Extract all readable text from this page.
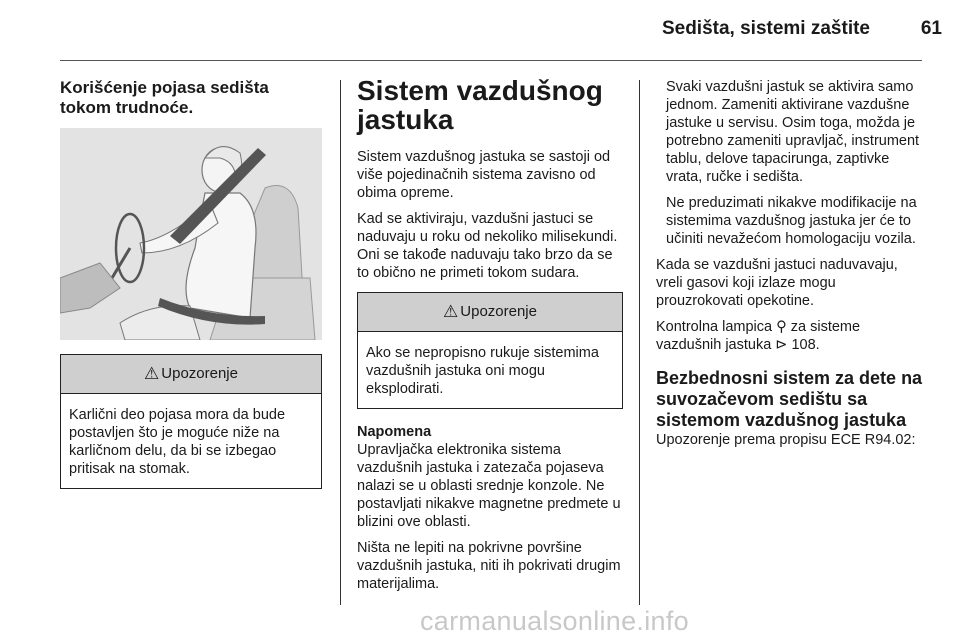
Sedišta, sistemi zaštite	61
Korišćenje pojasa sedišta tokom trudnoće.
⚠ Upozorenje
Karlični deo pojasa mora da bude postavljen što je moguće niže na karličnom delu, da bi se izbegao pritisak na stomak.
Sistem vazdušnog jastuka

Sistem vazdušnog jastuka se sastoji od više pojedinačnih sistema zavisno od obima opreme.

Kad se aktiviraju, vazdušni jastuci se naduvaju u roku od nekoliko milisekundi. Oni se takođe naduvaju tako brzo da se to obično ne primeti tokom sudara.

⚠ Upozorenje
Ako se nepropisno rukuje sistemima vazdušnih jastuka oni mogu eksplodirati.
Napomena

Upravljačka elektronika sistema vazdušnih jastuka i zatezača pojaseva nalazi se u oblasti srednje konzole. Ne postavljati nikakve magnetne predmete u blizini ove oblasti.

Ništa ne lepiti na pokrivne površine vazdušnih jastuka, niti ih pokrivati drugim materijalima.

Svaki vazdušni jastuk se aktivira samo jednom. Zameniti aktivirane vazdušne jastuke u servisu. Osim toga, možda je potrebno zameniti upravljač, instrument tablu, delove tapacirunga, zaptivke vrata, ručke i sedišta.

Ne preduzimati nikakve modifikacije na sistemima vazdušnog jastuka jer će to učiniti nevažećom homologaciju vozila.

Kada se vazdušni jastuci naduvavaju, vreli gasovi koji izlaze mogu prouzrokovati opekotine.

Kontrolna lampica ⚲ za sisteme vazdušnih jastuka ⊳ 108.

Bezbednosni sistem za dete na suvozačevom sedištu sa sistemom vazdušnog jastuka

Upozorenje prema propisu ECE R94.02:

carmanualsonline.info
